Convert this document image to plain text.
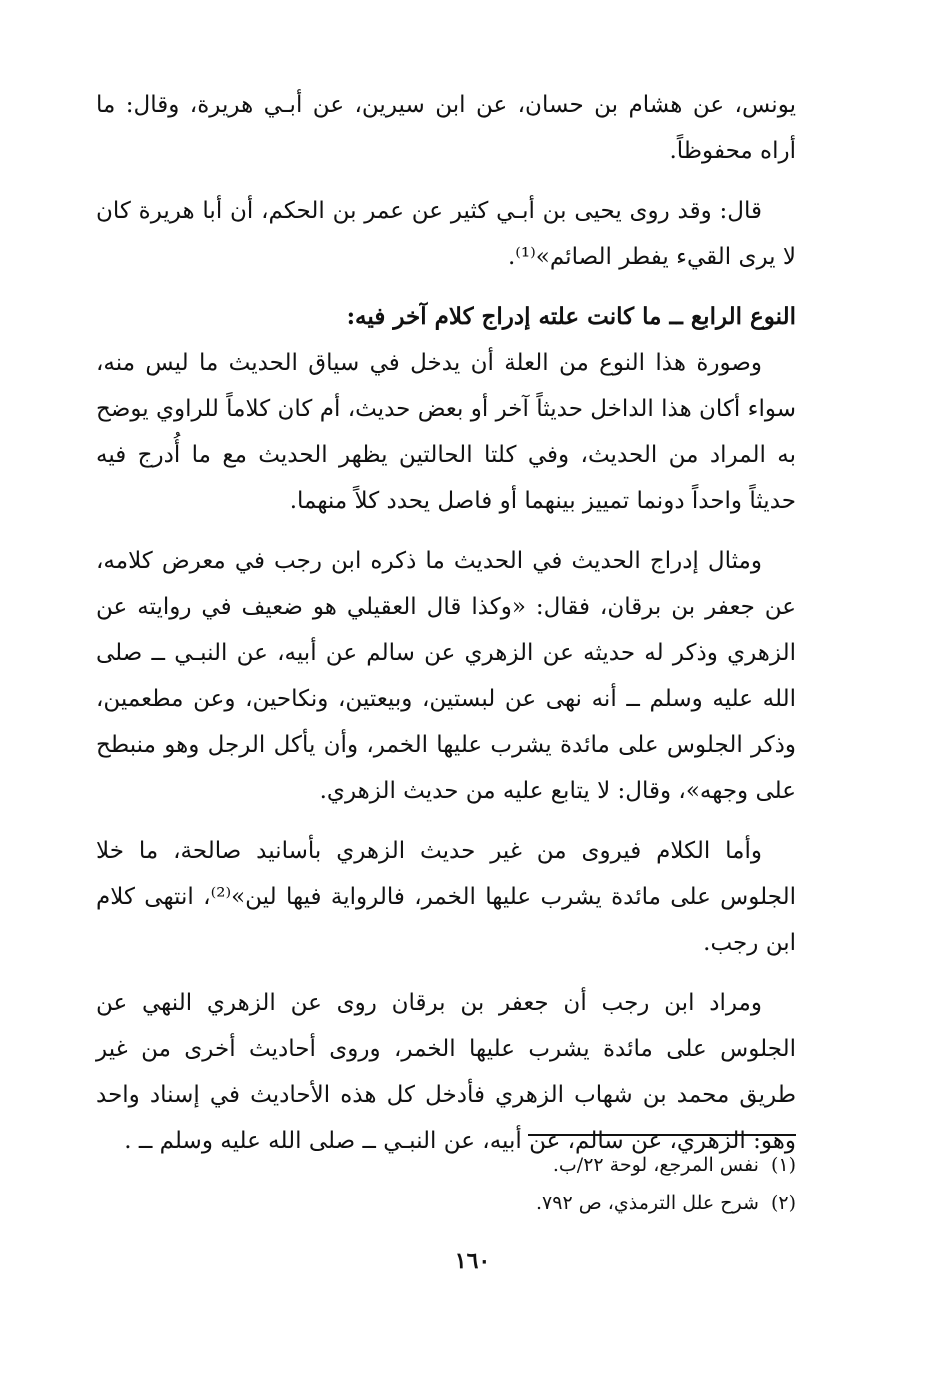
يونس، عن هشام بن حسان، عن ابن سيرين، عن أبـي هريرة، وقال: ما أراه محفوظاً.

قال: وقد روى يحيى بن أبـي كثير عن عمر بن الحكم، أن أبا هريرة كان لا يرى القيء يفطر الصائم»⁽¹⁾.

النوع الرابع ــ ما كانت علته إدراج كلام آخر فيه:

وصورة هذا النوع من العلة أن يدخل في سياق الحديث ما ليس منه، سواء أكان هذا الداخل حديثاً آخر أو بعض حديث، أم كان كلاماً للراوي يوضح به المراد من الحديث، وفي كلتا الحالتين يظهر الحديث مع ما أُدرج فيه حديثاً واحداً دونما تمييز بينهما أو فاصل يحدد كلاً منهما.

ومثال إدراج الحديث في الحديث ما ذكره ابن رجب في معرض كلامه، عن جعفر بن برقان، فقال: «وكذا قال العقيلي هو ضعيف في روايته عن الزهري وذكر له حديثه عن الزهري عن سالم عن أبيه، عن النبـي ــ صلى الله عليه وسلم ــ أنه نهى عن لبستين، وبيعتين، ونكاحين، وعن مطعمين، وذكر الجلوس على مائدة يشرب عليها الخمر، وأن يأكل الرجل وهو منبطح على وجهه»، وقال: لا يتابع عليه من حديث الزهري.

وأما الكلام فيروى من غير حديث الزهري بأسانيد صالحة، ما خلا الجلوس على مائدة يشرب عليها الخمر، فالرواية فيها لين»⁽²⁾، انتهى كلام ابن رجب.

ومراد ابن رجب أن جعفر بن برقان روى عن الزهري النهي عن الجلوس على مائدة يشرب عليها الخمر، وروى أحاديث أخرى من غير طريق محمد بن شهاب الزهري فأدخل كل هذه الأحاديث في إسناد واحد وهو: الزهري، عن سالم، عن أبيه، عن النبـي ــ صلى الله عليه وسلم ــ .

(١)نفس المرجع، لوحة ٢٢/ب.
(٢)شرح علل الترمذي، ص ٧٩٢.
١٦٠
